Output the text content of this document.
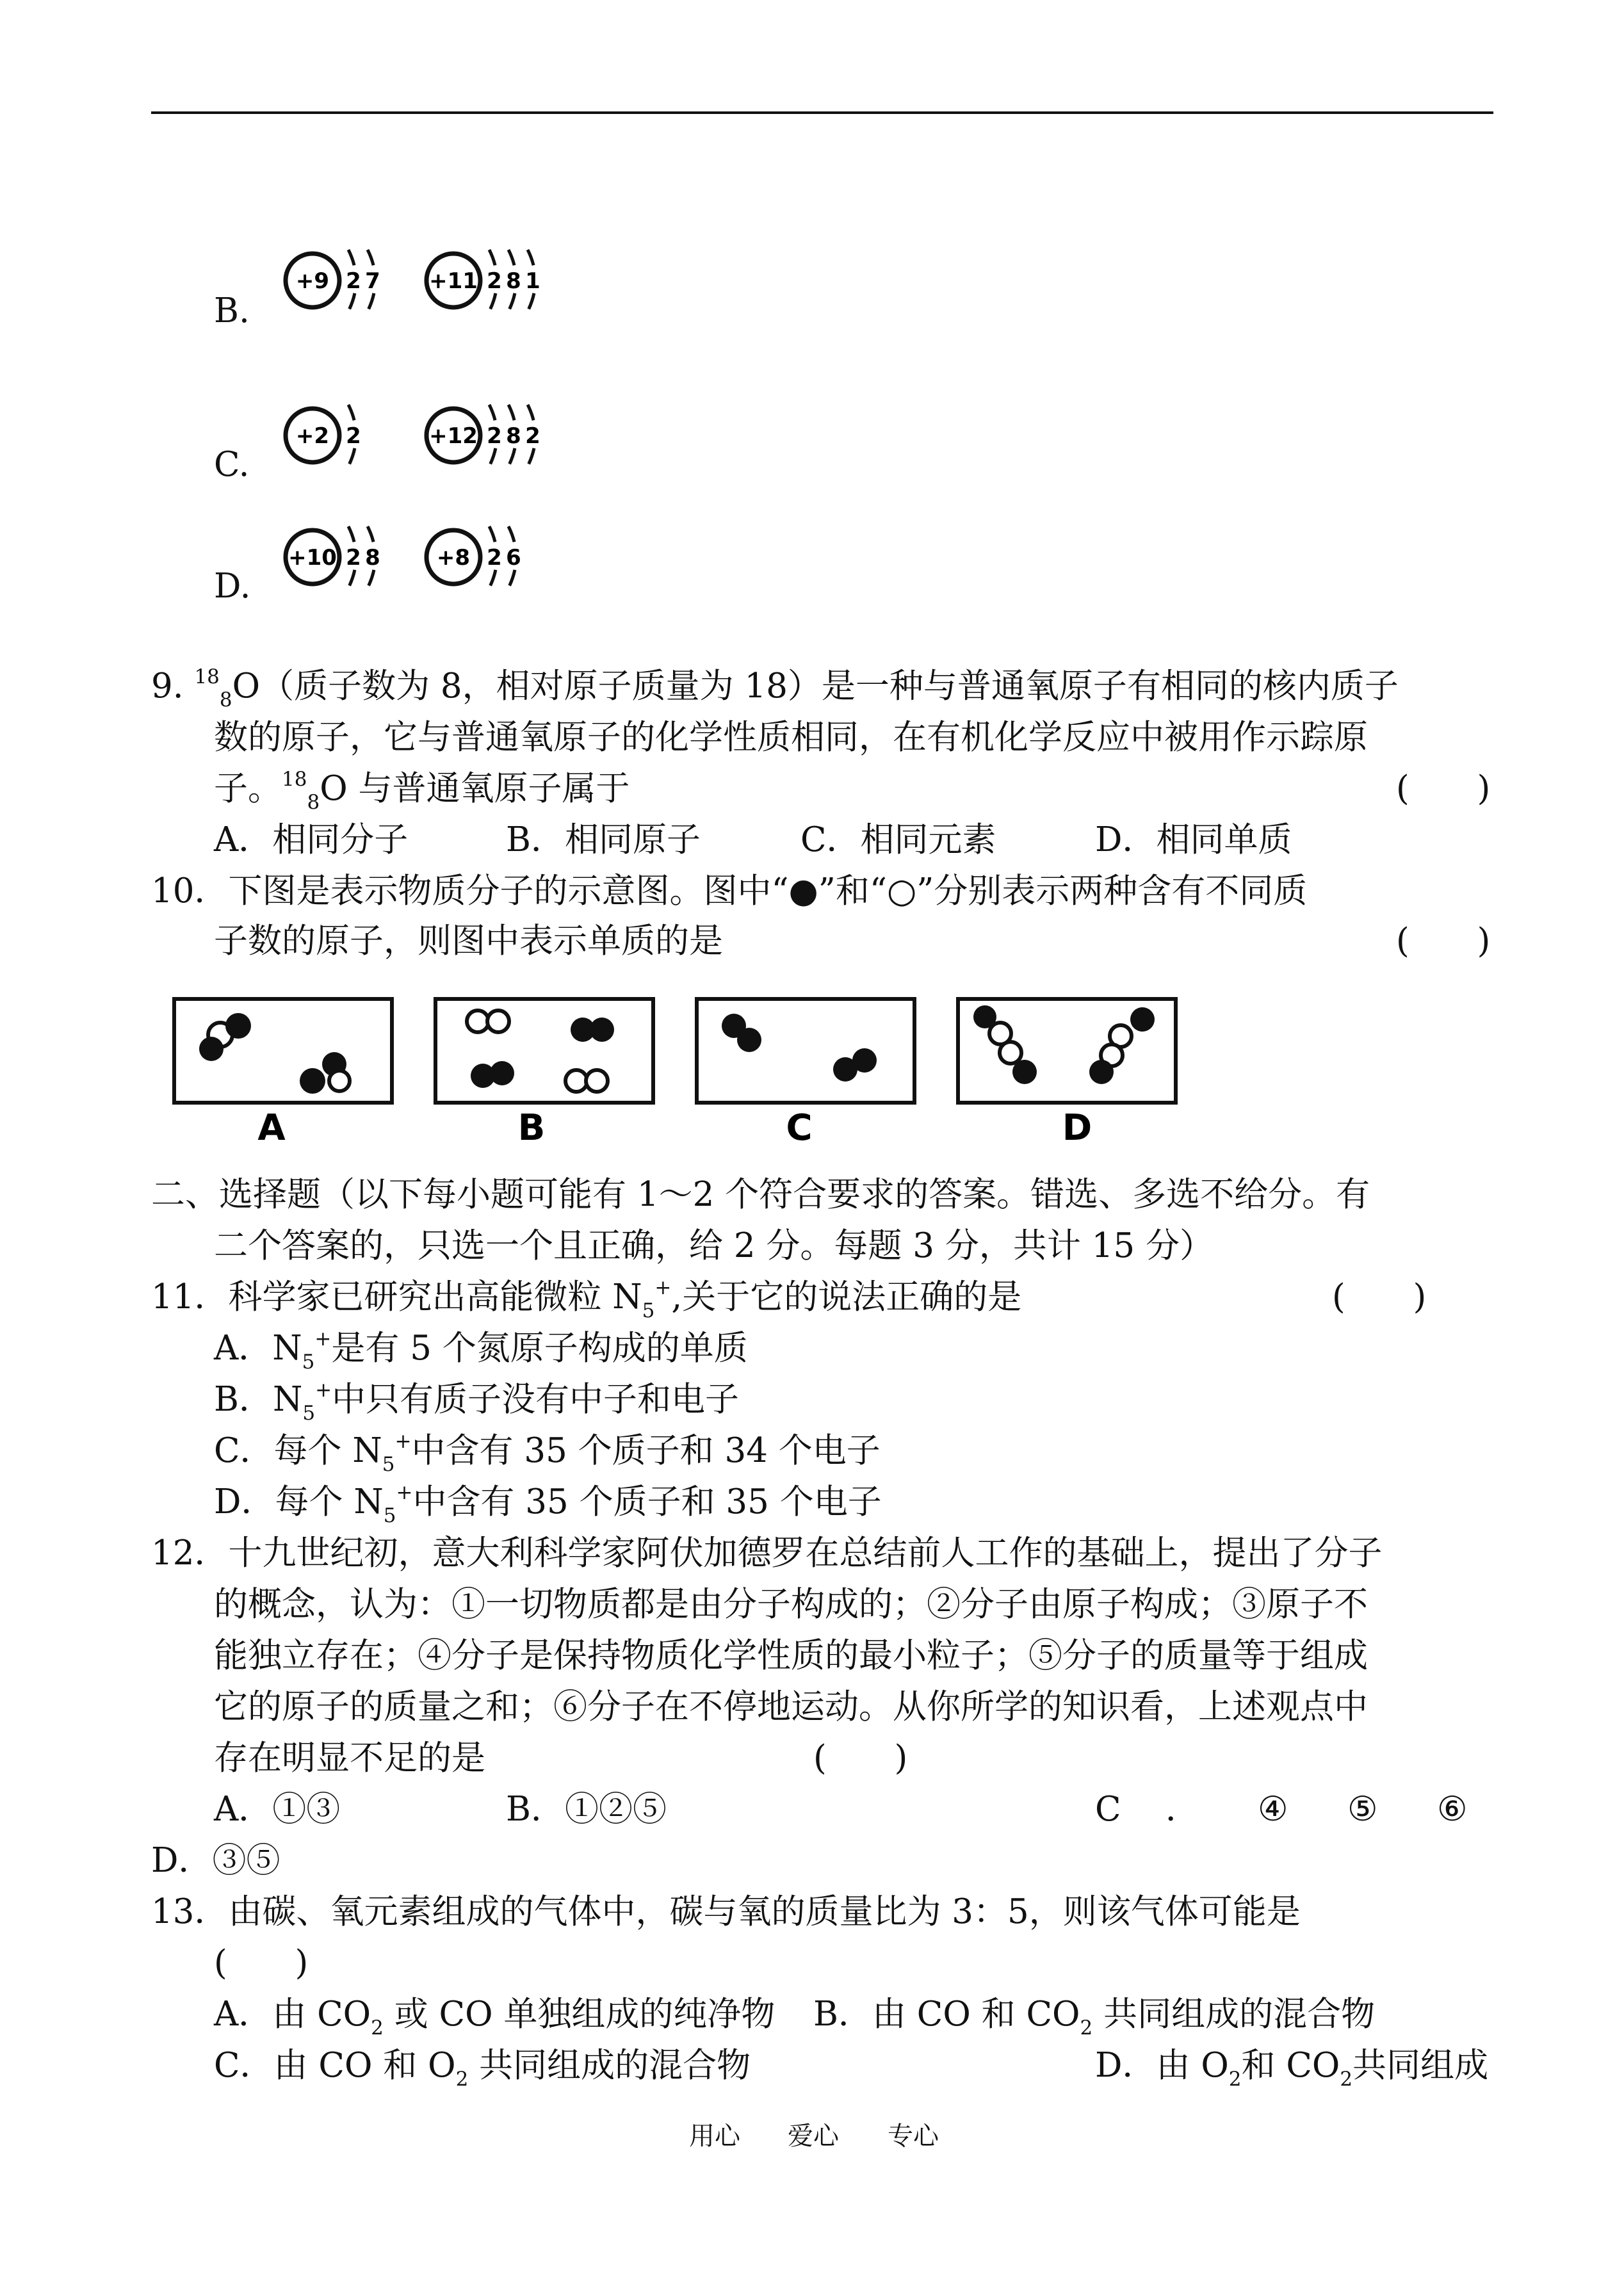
B.
C.
D.
+9 2 7 +11 2 8 1
+2 2	+12 2 8 2
+10 2 8	+8 2 6
9. $^{18}_8$O（质子数为 8，相对原子质量为 18）是一种与普通氧原子有相同的核内质子
数的原子，它与普通氧原子的化学性质相同，在有机化学反应中被用作示踪原
子。$^{18}_8$O 与普通氧原子属于	(　　)
A．相同分子	B．相同原子	C．相同元素	D．相同单质
10．下图是表示物质分子的示意图。图中“●”和“○”分别表示两种含有不同质
子数的原子，则图中表示单质的是	(　　)
A	B	C	D
二、选择题（以下每小题可能有 1～2 个符合要求的答案。错选、多选不给分。有
二个答案的，只选一个且正确，给 2 分。每题 3 分，共计 15 分）
11．科学家已研究出高能微粒 $N_5^+$,关于它的说法正确的是	(　　)
A．$N_5^+$是有 5 个氮原子构成的单质
B．$N_5^+$中只有质子没有中子和电子
C．每个 $N_5^+$中含有 35 个质子和 34 个电子
D．每个 $N_5^+$中含有 35 个质子和 35 个电子
12．十九世纪初，意大利科学家阿伏加德罗在总结前人工作的基础上，提出了分子
的概念，认为：①一切物质都是由分子构成的；②分子由原子构成；③原子不
能独立存在；④分子是保持物质化学性质的最小粒子；⑤分子的质量等于组成
它的原子的质量之和；⑥分子在不停地运动。从你所学的知识看，上述观点中
存在明显不足的是	(　　)
A．①③	B．①②⑤	C ． ④ ⑤ ⑥
D．③⑤
13．由碳、氧元素组成的气体中，碳与氧的质量比为 3：5，则该气体可能是
(　　)
A．由 $CO_2$ 或 CO 单独组成的纯净物 B．由 CO 和 $CO_2$ 共同组成的混合物
C．由 CO 和 $O_2$ 共同组成的混合物	D．由 $O_2$和 $CO_2$共同组成
用心 爱心 专心
